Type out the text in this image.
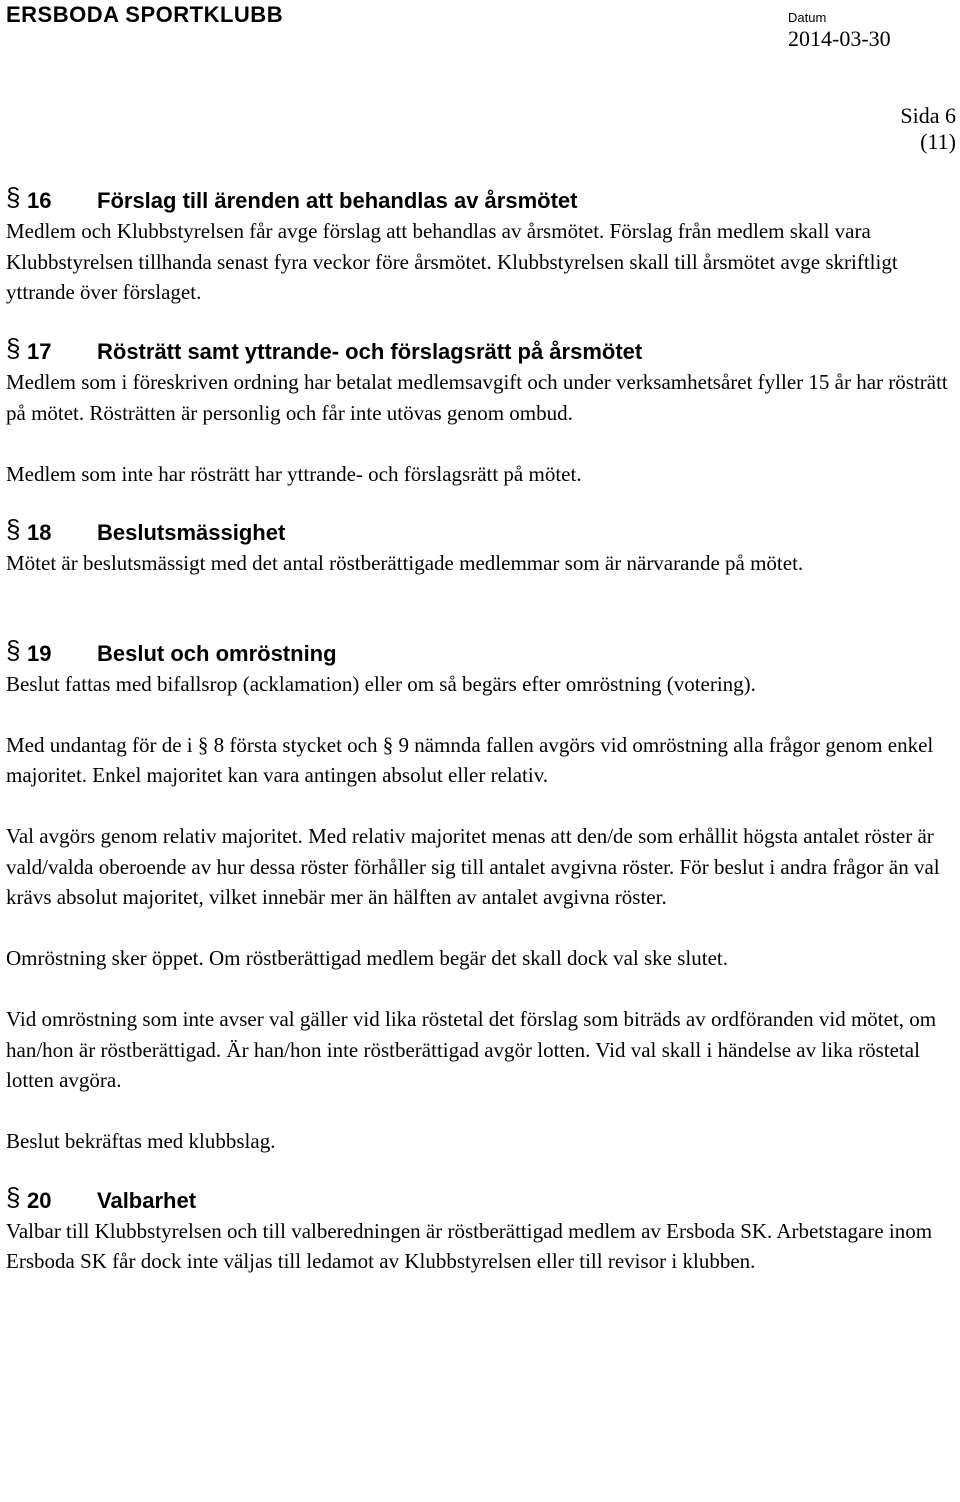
ERSBODA SPORTKLUBB	Datum
2014-03-30
Sida 6
(11)
§ 16 Förslag till ärenden att behandlas av årsmötet

Medlem och Klubbstyrelsen får avge förslag att behandlas av årsmötet. Förslag från medlem skall vara Klubbstyrelsen tillhanda senast fyra veckor före årsmötet. Klubbstyrelsen skall till årsmötet avge skriftligt yttrande över förslaget.

§ 17 Rösträtt samt yttrande- och förslagsrätt på årsmötet

Medlem som i föreskriven ordning har betalat medlemsavgift och under verksamhetsåret fyller 15 år har rösträtt på mötet. Rösträtten är personlig och får inte utövas genom ombud.

Medlem som inte har rösträtt har yttrande- och förslagsrätt på mötet.

§ 18 Beslutsmässighet

Mötet är beslutsmässigt med det antal röstberättigade medlemmar som är närvarande på mötet.

§ 19 Beslut och omröstning

Beslut fattas med bifallsrop (acklamation) eller om så begärs efter omröstning (votering).

Med undantag för de i § 8 första stycket och § 9 nämnda fallen avgörs vid omröstning alla frågor genom enkel majoritet. Enkel majoritet kan vara antingen absolut eller relativ.

Val avgörs genom relativ majoritet. Med relativ majoritet menas att den/de som erhållit högsta antalet röster är vald/valda oberoende av hur dessa röster förhåller sig till antalet avgivna röster. För beslut i andra frågor än val krävs absolut majoritet, vilket innebär mer än hälften av antalet avgivna röster.

Omröstning sker öppet. Om röstberättigad medlem begär det skall dock val ske slutet.

Vid omröstning som inte avser val gäller vid lika röstetal det förslag som biträds av ordföranden vid mötet, om han/hon är röstberättigad. Är han/hon inte röstberättigad avgör lotten. Vid val skall i händelse av lika röstetal lotten avgöra.

Beslut bekräftas med klubbslag.

§ 20 Valbarhet

Valbar till Klubbstyrelsen och till valberedningen är röstberättigad medlem av Ersboda SK. Arbetstagare inom Ersboda SK får dock inte väljas till ledamot av Klubbstyrelsen eller till revisor i klubben.
